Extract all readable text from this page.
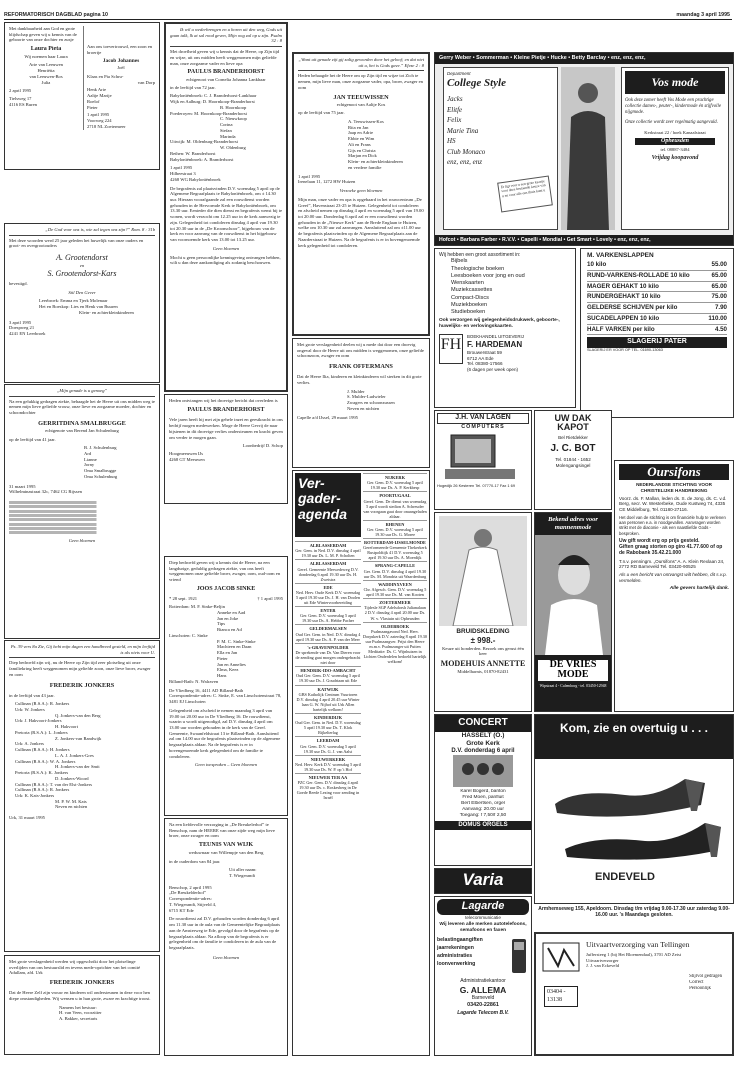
REFORMATORISCH DAGBLAD pagina 10	maandag 3 april 1995
Met dankbaarheid aan God en grote blijdschap geven wij u kennis van de geboorte van onze dochter en zusje
Laura Pieta
Wij noemen haar Laura
Arie van Leeuwen
Henriëtta
van Leeuwen-Bos
Julia
2 april 1995
Tielsweg 17
4116 ES Buren
Aan ons toevertrouwd, een zoon en broertje
Jacob Johannes
Joël
Klaas en Pia Schru-
van Dorp
Henk Arie
Aaltje Marije
Roelof
Pieter
1 april 1995
Voorweg 224
2718 NL Zoetermeer
„De God voor ons is, wie zal tegen ons zijn?” Rom. 8 : 31b
Met deze woorden werd 25 jaar geleden het huwelijk van onze ouders en groot- en overgrootouders
A. Grootendorst
en
S. Grootendorst-Kars
bevestigd.
Stil Den Gever
Leerbroek: Emma en Tjerk Molenaar
Het en Boeskop: Lies en Henk van Buuren
Klein- en achterkleinkinderen
3 april 1995
Doespweg 21
4241 EN Leerbroek
„Mijn genade is u genoeg”
Na een gelukkig gedragen ziekte, behaagde het de Heere uit ons midden weg te nemen mijn lieve geliefde vrouw, onze lieve en zorgzame moeder, dochter en schoondochter
GERRITDINA SMALBRUGGE
echtgenote van Berend Jan Schulenburg
op de leeftijd van 41 jaar.
B. J. Schulenburg
Ard
Lianne
Jorny
Oma Smalbrugge
Oma Schulenburg
31 maart 1995
Wilhelminastraat 32c, 7462 CG Rijssen
Geen bloemen
Ps. 39 vers 8a Zie, Gij hebt mijn dagen een handbreed gesteld, en mijn leeftijd is als niets voor U.
Diep bedroefd zijn wij, nu de Heere op Zijn tijd zeer plotseling uit onze familiekring heeft weggenomen mijn geliefde zoon, onze lieve broer, zwager en oom
FREDERIK JONKERS
in de leeftijd van 43 jaar.
Cullinan (R.S.A.): R. Jonkers
Urk: W. Jonkers
Q. Jonkers-van den Berg
Urk: J. Hakvoort-Jonkers
H. Hakvoort
Pretoria (R.S.A.): L. Jonkers
Z. Jonkers-van Randwijk
Urk: A. Jonkers
Cullinan (R.S.A.): H. Jonkers
L. A. J. Jonkers-Gres
Cullinan (R.S.A.): W. A. Jonkers
H. Jonkers-van der Smit
Pretoria (R.S.A.): K. Jonkers
D. Jonkers-Woord
Cullinan (R.S.A.): T. van der Elst-Jonkers
Cullinan (R.S.A.): R. Jonkers
Urk: K. Kats-Jonkers
M. P. W. M. Kats
Neven en nichten
Urk, 31 maart 1995
Met grote verslagenheid werden wij opgeschrikt door het plotselinge overlijden van ons bestuurslid en tevens mede-oprichter van het comité Adullam, afd. Urk
FREDERIK JONKERS
Dat de Heere Zelf zijn vrouw en kinderen wil ondersteunen in deze voor hen diepe omstandigheden. Wij wensen u in hun grote, zware en krachtige troost.
Namens het bestuur:
H. van Veen, voorzitter
A. Bakker, secretaris
Ik wil u wederbrengen en u horen uit den weg, Gods uit gaan talk, lk at sal rood geven, Mijn oog zal op u zijn. Psalm 32 : 8
Met droefheid geven wij u kennis dat de Heere, op Zijn tijd en wijze, uit ons midden heeft weggenomen mijn geliefde man, onze zorgzame vader en lieve opa
PAULUS BRANDERHORST
echtgenoot van Cornelia Johanna Lankhaar
in de leeftijd van 72 jaar.
Babylonïënbroek: C. J. Branderhorst-Lankhaar
Wijk en Aalburg: D. Hoornkoop-Branderhorst
B. Hoornkoop
Poederoyen: M. Hoornkoop-Branderhorst
C. Nieuwkoop
Corina
Stefan
Marinda
Uitwijk: M. Oldenburg-Branderhorst
W. Oldenburg
Bethen: W. Branderhorst
Babylonïënbroek: A. Branderhorst
1 april 1995
Hilbeestraat 3
4268 WG Babylonïënbroek
De begrafenis zal plaatsvinden D.V. woensdag 5 april op de Algemene Begraafplaats te Babylonïënbroek, om ± 14.30 uur. Hieraan voorafgaande zal een rouwdienst worden gehouden in de Hervormde Kerk te Babylonïënbroek, om 13.30 uur. Eenieder die dien dienst en begrafenis wenst bij te wonen, wordt verzocht om 12.25 uur in de kerk aanwezig te zijn. Gelegenheid tot condoleren dinsdag 4 april van 19.30 tot 20.30 uur in de „De Kroonschoor”, bijgebouw van de kerk en voor aanvang van de rouwdienst in het bijgebouw van voornoemde kerk van 13.00 tot 13.25 uur.
Geen bloemen
Mocht u geen persoonlijke kennisgeving ontvangen hebben, wilt u dan deze aankondiging als zodanig beschouwen.
Heden ontviangen wij het droevige bericht dat overleden is
PAULUS BRANDERHORST
Vele jaren heeft hij met zijn gehele inzet en geestkracht in ons bedrijf mogen medewerken. Moge de Heere Gevrij de naar bijstenen in dit droevige verlies ondersteunen en kracht geven om verder te mogen gaan.
Loonbedrijf D. Schop
Hoogmeeuwen IJs
4268 GT Meeuwen
Diep bedroefd geven wij u kennis dat de Heere, na een langdurige, geduldig gedragen ziekte, van ons heeft weggenomen onze geliefde broer, zwager, oom, oud-oom en vriend
JOOS JACOB SINKE
* 28 sept. 1921	† 1 april 1995
Rotterdam: M. F. Sinke-Beljin
Anneke en Aad
Jan en Joke
Tips
Bianca en Ad
Linschoten: C. Sinke
P. M. C. Sinke-Sinke
Machteen en Daan
Ella en Jan
Pieter
Jan en Annelies
Elma, Keez
Hans
Billand-Bath: N. Walraven
De Vliedberg 16, 4411 AD Billand-Bath
Correspondentie-adres: C. Sinke, E. van Linschotenstraat 78, 3481 EJ Linschoten
Gelegenheid om afscheid te nemen maandag 3 april van 19.00 tot 20.00 uur in De Vliedberg 16. De rouwdienst, waarin u wordt uitgenodigd, zal D.V. dinsdag 4 april om 13.00 uur worden gehouden in de kerk van de Geref. Gemeente, Swaanfeldstraat 13 te Billand-Bath. Aansluitend zal om 14.00 uur de begrafenis plaatsvinden op de algemene begraafplaats aldaar. Na de begrafenis is er in bovengenoemde kerk gelegenheid om de familie te condoleren.
Geen toespraken – Geen bloemen
Na een liefdevolle verzorging in „De Breukelerhof” te Benschop, nam de HEERE van onze zijde weg mijn lieve broer, onze zwager en oom
TEUNIS VAN WIJK
weduwnaar van Willempje van den Berg
in de ouderdom van 84 jaar.
Uit aller naam:
T. Wiegerandt
Benschop, 2 april 1995
„De Breukelderhof”
Correspondentie-adres:
T. Wiegerandt, Stijveld 4,
6715 KT Ede
De rouwdienst zal D.V. gehouden worden donderdag 6 april om 11.30 uur in de aula van de Gemeentelijke Begraafplaats aan de Amsterweg te Ede, gevolgd door de begrafenis op de begraafplaats aldaar. Na afloop van de begrafenis is er gelegenheid om de familie te condoleren in de aula van de begraafplaats.
Geen bloemen
„Want uit genade zijt gij zalig geworden door het geloof; en dat niet uit u, het is Gods gave.” Efeze 2 : 8
Heden behaagde het de Heere om op Zijn tijd en wijze tot Zich te nemen, mijn lieve man, onze zorgzame vader, opa, broer, zwager en oom
JAN TEEUWISSEN
echtgenoot van Aaltje Kos
op de leeftijd van 75 jaar.
A. Teeuwissen-Kos
Rita en Jan
Jaap en Adrie
Ebbie en Wim
Ali en Frans
Gijs en Christa
Marjan en Dick
Klein- en achterkleinkinderen
en verdere familie
1 april 1995
Irenelaan 11, 1272 HW Huizen
Verzoeke geen bloemen
Mijn man, onze vader en opa is opgebaard in het rouwcentrum „De Greef”, Havenstraat 23-25 te Huizen. Gelegenheid tot condoleren en afscheid nemen op dinsdag 4 april en woensdag 5 april van 19.00 tot 20.00 uur. Donderdag 6 april zal er een rouwdienst worden gehouden in de „Nieuwe Kerk” aan de Brede Englaan te Huizen, welke om 10.30 uur zal aanvangen. Aansluitend zal om ±11.00 uur de begrafenis plaatsvinden op de Algemene Begraafplaats aan de Naarderstraat te Huizen. Na de begrafenis is er in bovengenoemde kerk gelegenheid tot condoleren.
Met grote verslagenheid deelen wij u mede dat door een droevig ongeval door de Heere uit ons midden is weggenomen, onze geliefde schoonzoon, zwager en oom
FRANK OFFERMANS
Dat de Heere Ilia, kinderen en kleinkinderen wil sterken in dit grote verlies.
J. Mulder
S. Mulder-Ludwieler
Zwagers en schoonzussen
Neven en nichten
Capelle a/d IJssel, 29 maart 1995
Ver-
gader-
agenda
ALBLASSERDAM
Ger. Gem. in Ned. D.V. dinsdag 4 april 19.30 uur Ds. L. M. P. Scholten
ALBLASSERDAM
Geref. Gemeente Merwedeweg D.V. donderdag 6 april 19.30 uur Ds. H. Zweistra
EDE
Ned. Herv. Oude Kerk D.V. woensdag 5 april 19.30 uur Ds. J. H. van Doolen uit Ede Wintervoorbereiding
ENTER
Ger. Gem. D.V. woensdag 5 april 19.30 uur Ds. A. Hebbe Pacher
GELDERMALSEN
Oud Ger. Gem. in Ned. D.V. dinsdag 4 april 19.30 uur Ds. A. P. van der Meer
's-GRAVENPOLDER
De sprekende van Dr. Van Dieren voor de zending gaat morgen ondergebracht niet door
HENDRIK-IDO-AMBACHT
Oud Ger. Gem. D.V. woensdag 5 april 19.30 uur Ds. J. Goudriaan uit Ede
KATWIJK
GBS Katholijk Centrum Vuurtoren D.V. dinsdag 4 april 20.45 uur Winter laan G. W. Nijhof uit Urk Allen hartelijk welkom!
KINDERDIJK
Oud Ger. Gem. in Ned. D.V. woensdag 5 april 19.30 uur Ds. T. Klok Rijkelterlag
LEERDAM
Ger. Gem. D.V. woensdag 5 april 19.30 uur Ds. G. J. van Aalst
NIEUWERKERK
Ned. Herv. Kerk D.V. woensdag 5 april 19.30 uur Ds. W. P. op 't Hof
NIEUWER TER AA
PZC Ger. Gem. D.V. dinsdag 4 april 19.30 uur Ds. c. Roskesberg in De Goede Reede Lezing voor zending in Israël
NIJKERK
Ger. Gem. D.V. woensdag 5 april 19.30 uur Ds. A. P. Kerkbesp
POORTUGAAL
Geref. Gem. De dienst van woensdag 5 april wordt stedion A. Schreuder van voorgaan gaat door onaangeladen aldaar.
RHENEN
Ger. Gem. D.V. woensdag 5 april 19.30 uur Ds. G. Moree
ROTTERDAM-IJSSELMONDE
Gereformeerde Gemeente Thekerkerk Rustpoldtijk 41 D.V. woensdag 5 april 19.30 uur Ds. A. Moerdijk
SPRANG-CAPELLE
Ger. Gem. D.V. dinsdag 4 april 19.30 uur Ds. M. Mondria uit Waardenburg
WADDINXVEEN
Chr. Afgesch. Gem. D.V. woensdag 5 april 19.30 uur Ds. M. van Kooten
ZOETERMEER
Tijdesle SGP Adelsdorsh Julianalaan 2 D.V. dinsdag 4 april 20.00 uur Ds. W. v. Vlastuin uit Opheusden
OLDEBROEK
Psalmzangavond Ned. Herv. Dorpskerk D.V. zaterdag 8 april 19.30 uur Psalmzangver. Prijst den Heere m.m.v. Psalmzanger uit Putten Meditatie: Ds. C. Wijnhuizen in Lichten Onderdelen bedoeld hartelijk welkom!
Gerry Weber • Sommerman • Kleine Pietje • Hucke • Betty Barclay • enz, enz, enz,
Department
College Style
Jacks
Elitfe
Felix
Marie Tina
HS
Club Monaco
enz, enz, enz
Er ligt voor u een grote kaartje voor deze bestaande keuze van u en voor alle ons thuis kunt u
Vos mode
Ook deze zomer heeft Vos Mode een prachtige collectie dames-, peuter-, kindermode én stijfvolle nijgmode.
Onze collectie wordt zeer regelmatig aangevuld.
Kerkstraat 22 / hoek Kanaalstraat
Opheusden
tel. 08887-3484
Vrijdag koopavond
Hofcot • Barbara Farber • R.V.V. • Capelli • Mondial • Get Smart • Lovely • enz, enz, enz,
Wij hebben een groot assortiment in:
Bijbels
Theologische boeken
Leesboeken voor jong en oud
Wenskaarten
Muziekcassettes
Compact-Discs
Muziekboeken
Studieboeken
Ook verzorgen wij gelegenheidsdrukwerk, geboorte-, huwelijks- en verlovingskaarten.
FH	BOEKHANDEL UITGEVERIJ
F. HARDEMAN
Brouwerstraat 59
6712 AA Ede
Tel. 08380-17566
(6 dagen per week open)
M. VARKENSLAPPEN
10 kilo	55.00
RUND-VARKENS-ROLLADE 10 kilo	65.00
MAGER GEHAKT 10 kilo	65.00
RUNDERGEHAKT 10 kilo	75.00
GELDERSE SCHIJVEN per kilo	7.90
SUCADELAPPEN 10 kilo	110.00
HALF VARKEN per kilo	4.50
SLAGERIJ PATER
SLAGERIJ ER VOOR OP TEL. 01690-13063
J.H. VAN LAGEN
COMPUTERS
Hogedijk 26 Kesteren Tel. 07770-17 Fax 1 69
UW DAK KAPOT
Bel Rietdekker
J. C. BOT
Tel. 01844 - 1652
Molengangsingel
Bekend adres voor mannenmode
DE VRIES MODE
Wipstraat 4 - Culemborg - tel. 03450-12948
Oursifons
NEDERLANDSE STICHTING VOOR CHRISTELIJKE HANDREIKING
Voorz. ds. F. Mallan, leden ds. S. de Jong, ds. C. v.d. Berg, secr. W. Westerbeke, Oude Kustweg 74, 4335 CE Middelburg, Tel. 01180-27116.
Het doel van de stichting is om financiële hulp te verlenen aan personen e.a. in noodgevallen. Aanvragen worden strikt met de diaconie - als een naastliefde Gods - besproken.
Uw gift wordt erg op prijs gesteld.
Giften graag storten op giro 41.77.600 of op de Rabobank 35.42.21.000
T.n.v. penningm. „Oursifons” A. A. Klein Rexlaan 24, 2772 RD Barneveld Tel. 03420-90525
Als u een bericht van ontvangst wilt hebben, dit s.v.p. vermelden.
Alle gevers hartelijk dank.
BRUIDSKLEDING
± 998.-
Keuze uit honderden. Bezoek ons gerust één keer
MODEHUIS ANNETTE
Middelharnis, 01870-82431
CONCERT
HASSELT (O.)
Grote Kerk
D.V. donderdag 6 april
Karel Bogerd, bariton
Fred Moen, panfluit
Bert Elbertsen, orgel
Aanvang: 20.00 uur
Toegang: f 7,50/f 2,50
DOMUS ORGELS
Kom, zie en overtuig u . . .
ENDEVELD
Armhemseweg 155, Apeldoorn. Dinsdag t/m vrijdag 9.00-17.30 uur zaterdag 9.00-16.00 uur. 's Maandags gesloten.
Varia
Lagarde
telecommunicatie
Wij leveren alle merken autotelefoons, semafoons en faxen
belastingaangiften
jaarrekeningen
administraties
loonverwerking
Administratiekantoor
G. ALLEMA
Barneveld
03420-22861
Lagarde Telecom B.V.
Uitvaartverzorging van Tellingen
Juffersteeg 1 (bij Het Bloemendaal), 3701 AD Zeist
Uitvaartverzorger
J. J. van Eckeveld
03404 -
13138
Stijlvol gedragen
Correct
Persoonlijk
